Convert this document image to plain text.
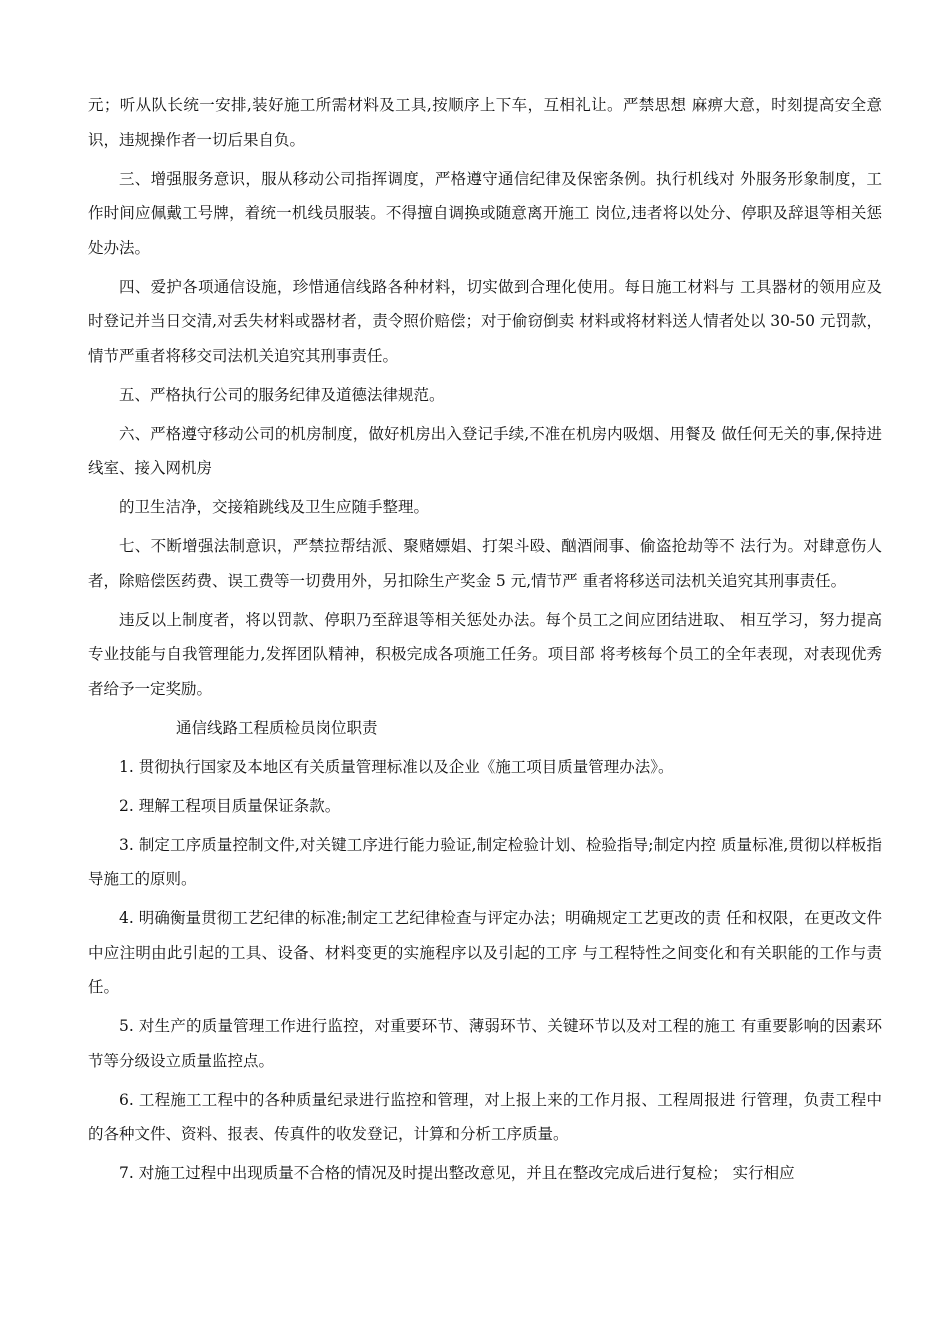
元；听从队长统一安排,装好施工所需材料及工具,按顺序上下车，互相礼让。严禁思想 麻痹大意，时刻提高安全意识，违规操作者一切后果自负。

三、增强服务意识，服从移动公司指挥调度，严格遵守通信纪律及保密条例。执行机线对 外服务形象制度，工作时间应佩戴工号牌，着统一机线员服装。不得擅自调换或随意离开施工 岗位,违者将以处分、停职及辞退等相关惩处办法。

四、爱护各项通信设施，珍惜通信线路各种材料，切实做到合理化使用。每日施工材料与 工具器材的领用应及时登记并当日交清,对丢失材料或器材者，责令照价赔偿；对于偷窃倒卖 材料或将材料送人情者处以 30-50 元罚款，情节严重者将移交司法机关追究其刑事责任。

五、严格执行公司的服务纪律及道德法律规范。

六、严格遵守移动公司的机房制度，做好机房出入登记手续,不准在机房内吸烟、用餐及 做任何无关的事,保持进线室、接入网机房

的卫生洁净，交接箱跳线及卫生应随手整理。

七、不断增强法制意识，严禁拉帮结派、聚赌嫖娼、打架斗殴、酗酒闹事、偷盗抢劫等不 法行为。对肆意伤人者，除赔偿医药费、误工费等一切费用外，另扣除生产奖金 5 元,情节严 重者将移送司法机关追究其刑事责任。

违反以上制度者，将以罚款、停职乃至辞退等相关惩处办法。每个员工之间应团结进取、 相互学习，努力提高专业技能与自我管理能力,发挥团队精神，积极完成各项施工任务。项目部 将考核每个员工的全年表现，对表现优秀者给予一定奖励。

通信线路工程质检员岗位职责

1. 贯彻执行国家及本地区有关质量管理标准以及企业《施工项目质量管理办法》。

2. 理解工程项目质量保证条款。

3. 制定工序质量控制文件,对关键工序进行能力验证,制定检验计划、检验指导;制定内控 质量标准,贯彻以样板指导施工的原则。

4. 明确衡量贯彻工艺纪律的标准;制定工艺纪律检查与评定办法；明确规定工艺更改的责 任和权限，在更改文件中应注明由此引起的工具、设备、材料变更的实施程序以及引起的工序 与工程特性之间变化和有关职能的工作与责任。

5. 对生产的质量管理工作进行监控，对重要环节、薄弱环节、关键环节以及对工程的施工 有重要影响的因素环节等分级设立质量监控点。

6. 工程施工工程中的各种质量纪录进行监控和管理，对上报上来的工作月报、工程周报进 行管理，负责工程中的各种文件、资料、报表、传真件的收发登记，计算和分析工序质量。

7. 对施工过程中出现质量不合格的情况及时提出整改意见，并且在整改完成后进行复检； 实行相应
